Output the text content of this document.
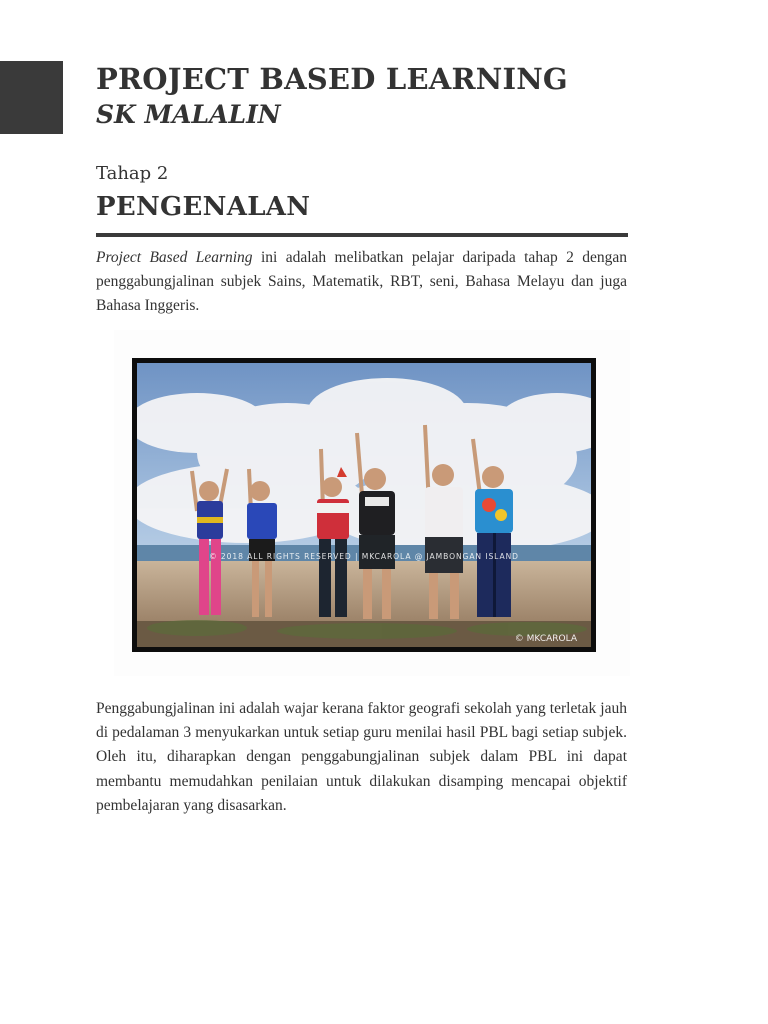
PROJECT BASED LEARNING
SK MALALIN
Tahap 2
PENGENALAN

Project Based Learning ini adalah melibatkan pelajar daripada tahap 2 dengan penggabungjalinan subjek Sains, Matematik, RBT, seni, Bahasa Melayu dan juga Bahasa Inggeris.

© 2018 ALL RIGHTS RESERVED | MKCAROLA @ JAMBONGAN ISLAND
© MKCAROLA

Penggabungjalinan ini adalah wajar kerana faktor geografi sekolah yang terletak jauh di pedalaman 3 menyukarkan untuk setiap guru menilai hasil PBL bagi setiap subjek. Oleh itu, diharapkan dengan penggabungjalinan subjek dalam PBL ini dapat membantu memudahkan penilaian untuk dilakukan disamping mencapai objektif pembelajaran yang disasarkan.
